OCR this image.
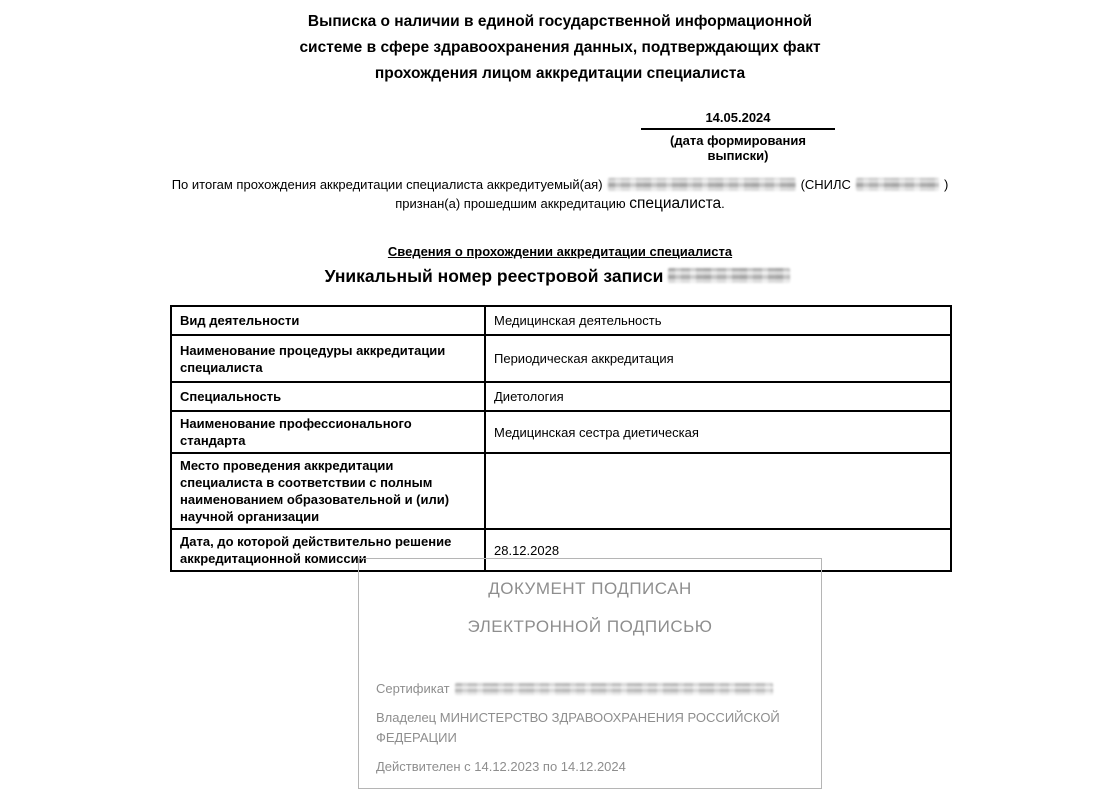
Выписка о наличии в единой государственной информационной
системе в сфере здравоохранения данных, подтверждающих факт
прохождения лицом аккредитации специалиста
14.05.2024
(дата формирования выписки)
По итогам прохождения аккредитации специалиста аккредитуемый(ая)	(СНИЛС	)
признан(а) прошедшим аккредитацию специалиста.
Сведения о прохождении аккредитации специалиста
Уникальный номер реестровой записи
Вид деятельности	Медицинская деятельность
Наименование процедуры аккредитации специалиста	Периодическая аккредитация
Специальность	Диетология
Наименование профессионального стандарта	Медицинская сестра диетическая
Место проведения аккредитации специалиста в соответствии с полным наименованием образовательной и (или) научной организации	
Дата, до которой действительно решение аккредитационной комиссии	28.12.2028
ДОКУМЕНТ ПОДПИСАН
ЭЛЕКТРОННОЙ ПОДПИСЬЮ

Сертификат

Владелец МИНИСТЕРСТВО ЗДРАВООХРАНЕНИЯ РОССИЙСКОЙ ФЕДЕРАЦИИ

Действителен с 14.12.2023 по 14.12.2024
